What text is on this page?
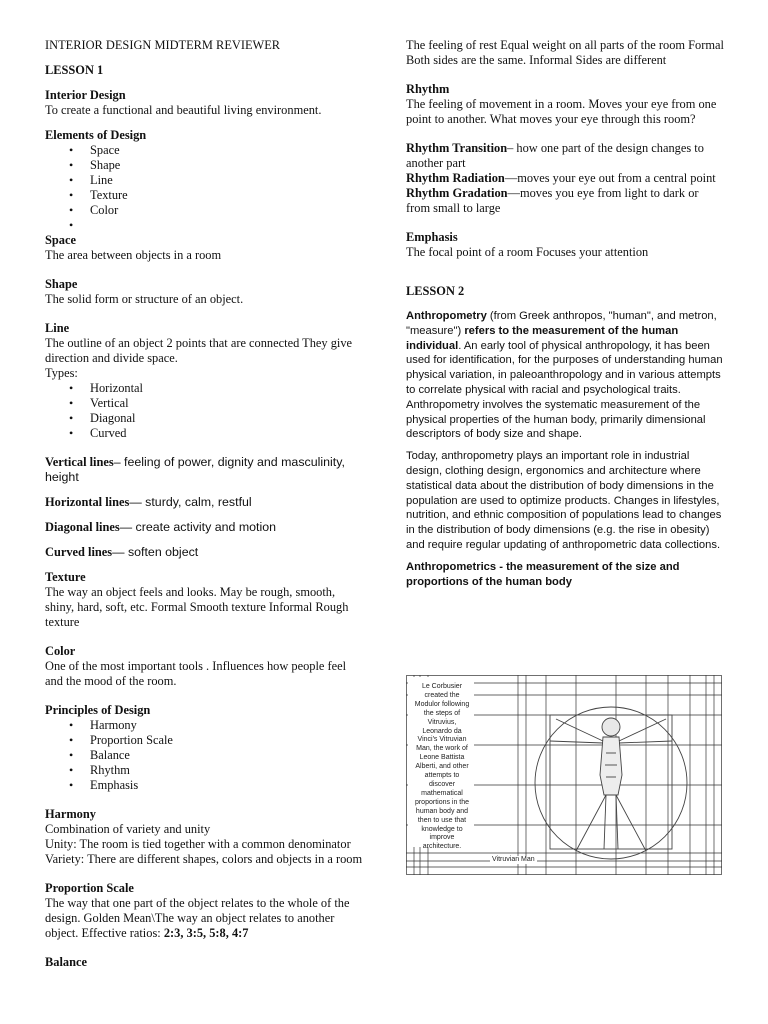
INTERIOR DESIGN MIDTERM REVIEWER

LESSON 1

Interior Design

To create a functional and beautiful living environment.

Elements of Design

• Space
• Shape
• Line
• Texture
• Color
•

Space

The area between objects in a room

Shape

The solid form or structure of an object.

Line

The outline of an object 2 points that are connected They give direction and divide space.

Types:

• Horizontal
• Vertical
• Diagonal
• Curved

Vertical lines– feeling of power, dignity and masculinity, height

Horizontal lines— sturdy, calm, restful

Diagonal lines— create activity and motion

Curved lines— soften object

Texture

The way an object feels and looks. May be rough, smooth, shiny, hard, soft, etc. Formal Smooth texture Informal Rough texture

Color

One of the most important tools . Influences how people feel and the mood of the room.

Principles of Design

• Harmony
• Proportion Scale
• Balance
• Rhythm
• Emphasis

Harmony

Combination of variety and unity

Unity: The room is tied together with a common denominator

Variety: There are different shapes, colors and objects in a room

Proportion Scale

The way that one part of the object relates to the whole of the design. Golden Mean\The way an object relates to another object. Effective ratios: 2:3, 3:5, 5:8, 4:7

Balance

The feeling of rest Equal weight on all parts of the room Formal Both sides are the same. Informal Sides are different

Rhythm

The feeling of movement in a room. Moves your eye from one point to another. What moves your eye through this room?

Rhythm Transition– how one part of the design changes to another part

Rhythm Radiation—moves your eye out from a central point

Rhythm Gradation—moves you eye from light to dark or from small to large

Emphasis

The focal point of a room Focuses your attention

LESSON 2

Anthropometry (from Greek anthropos, "human", and metron, "measure") refers to the measurement of the human individual. An early tool of physical anthropology, it has been used for identification, for the purposes of understanding human physical variation, in paleoanthropology and in various attempts to correlate physical with racial and psychological traits. Anthropometry involves the systematic measurement of the physical properties of the human body, primarily dimensional descriptors of body size and shape.

Today, anthropometry plays an important role in industrial design, clothing design, ergonomics and architecture where statistical data about the distribution of body dimensions in the population are used to optimize products. Changes in lifestyles, nutrition, and ethnic composition of populations lead to changes in the distribution of body dimensions (e.g. the rise in obesity) and require regular updating of anthropometric data collections.

Anthropometrics - the measurement of the size and proportions of the human body

Le Corbusier
created the
Modulor following
the steps of
Vitruvius,
Leonardo da
Vinci's Vitruvian
Man, the work of
Leone Battista
Alberti, and other
attempts to
discover
mathematical
proportions in the
human body and
then to use that
knowledge to
improve
architecture.
Vitruvian Man
